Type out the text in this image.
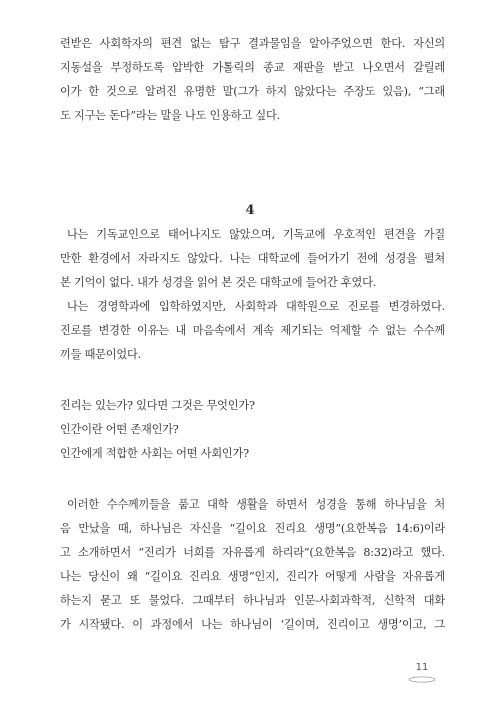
련받은 사회학자의 편견 없는 탐구 결과물임을 알아주었으면 한다. 자신의
지동설을 부정하도록 압박한 가톨릭의 종교 재판을 받고 나오면서 갈릴레
이가 한 것으로 알려진 유명한 말(그가 하지 않았다는 주장도 있음), “그래
도 지구는 돈다”라는 말을 나도 인용하고 싶다.
4
나는 기독교인으로 태어나지도 않았으며, 기독교에 우호적인 편견을 가질
만한 환경에서 자라지도 않았다. 나는 대학교에 들어가기 전에 성경을 펼쳐
본 기억이 없다. 내가 성경을 읽어 본 것은 대학교에 들어간 후였다.
나는 경영학과에 입학하였지만, 사회학과 대학원으로 진로를 변경하였다.
진로를 변경한 이유는 내 마음속에서 계속 제기되는 억제할 수 없는 수수께
끼들 때문이었다.
진리는 있는가? 있다면 그것은 무엇인가?
인간이란 어떤 존재인가?
인간에게 적합한 사회는 어떤 사회인가?
이러한 수수께끼들을 품고 대학 생활을 하면서 성경을 통해 하나님을 처
음 만났을 때, 하나님은 자신을 “길이요 진리요 생명”(요한복음 14:6)이라
고 소개하면서 “진리가 너희를 자유롭게 하리라”(요한복음 8:32)라고 했다.
나는 당신이 왜 “길이요 진리요 생명”인지, 진리가 어떻게 사람을 자유롭게
하는지 묻고 또 물었다. 그때부터 하나님과 인문-사회과학적, 신학적 대화
가 시작됐다. 이 과정에서 나는 하나님이 ‘길이며, 진리이고 생명’이고, 그
11
